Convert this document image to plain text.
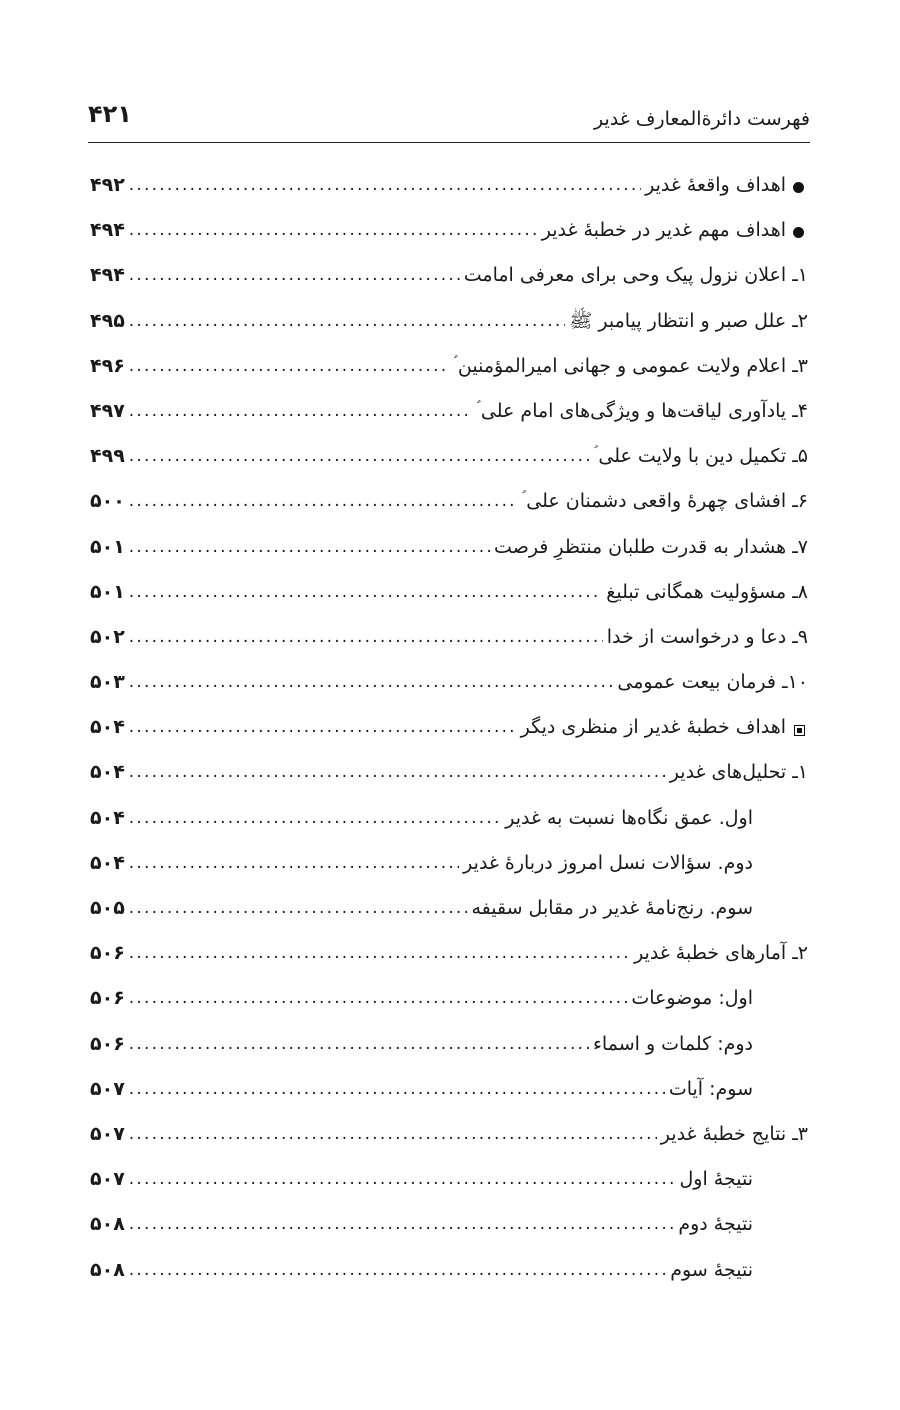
فهرست دائرةالمعارف غدیر
۴۲۱
اهداف واقعهٔ غدیر
. . .
۴۹۲
اهداف مهم غدیر در خطبهٔ غدیر
. . .
۴۹۴
۱ـ اعلان نزول پیک وحی برای معرفی امامت
. . .
۴۹۴
۲ـ علل صبر و انتظار پیامبر ﷺ
. . .
۴۹۵
۳ـ اعلام ولایت عمومی و جهانی امیرالمؤمنین ؑ
. . .
۴۹۶
۴ـ یادآوری لیاقت‌ها و ویژگی‌های امام علی ؑ
. . .
۴۹۷
۵ـ تکمیل دین با ولایت علی ؑ
. . .
۴۹۹
۶ـ افشای چهرهٔ واقعی دشمنان علی ؑ
. . .
۵۰۰
۷ـ هشدار به قدرت طلبان منتظرِ فرصت
. . .
۵۰۱
۸ـ مسؤولیت همگانی تبلیغ
. . .
۵۰۱
۹ـ دعا و درخواست از خدا
. . .
۵۰۲
۱۰ـ فرمان بیعت عمومی
. . .
۵۰۳
اهداف خطبهٔ غدیر از منظری دیگر
. . .
۵۰۴
۱ـ تحلیل‌های غدیر
. . .
۵۰۴
اول. عمق نگاه‌ها نسبت به غدیر
. . .
۵۰۴
دوم. سؤالات نسل امروز دربارهٔ غدیر
. . .
۵۰۴
سوم. رنج‌نامهٔ غدیر در مقابل سقیفه
. . .
۵۰۵
۲ـ آمارهای خطبهٔ غدیر
. . .
۵۰۶
اول: موضوعات
. . .
۵۰۶
دوم: کلمات و اسماء
. . .
۵۰۶
سوم: آیات
. . .
۵۰۷
۳ـ نتایج خطبهٔ غدیر
. . .
۵۰۷
نتیجهٔ اول
. . .
۵۰۷
نتیجهٔ دوم
. . .
۵۰۸
نتیجهٔ سوم
. . .
۵۰۸
